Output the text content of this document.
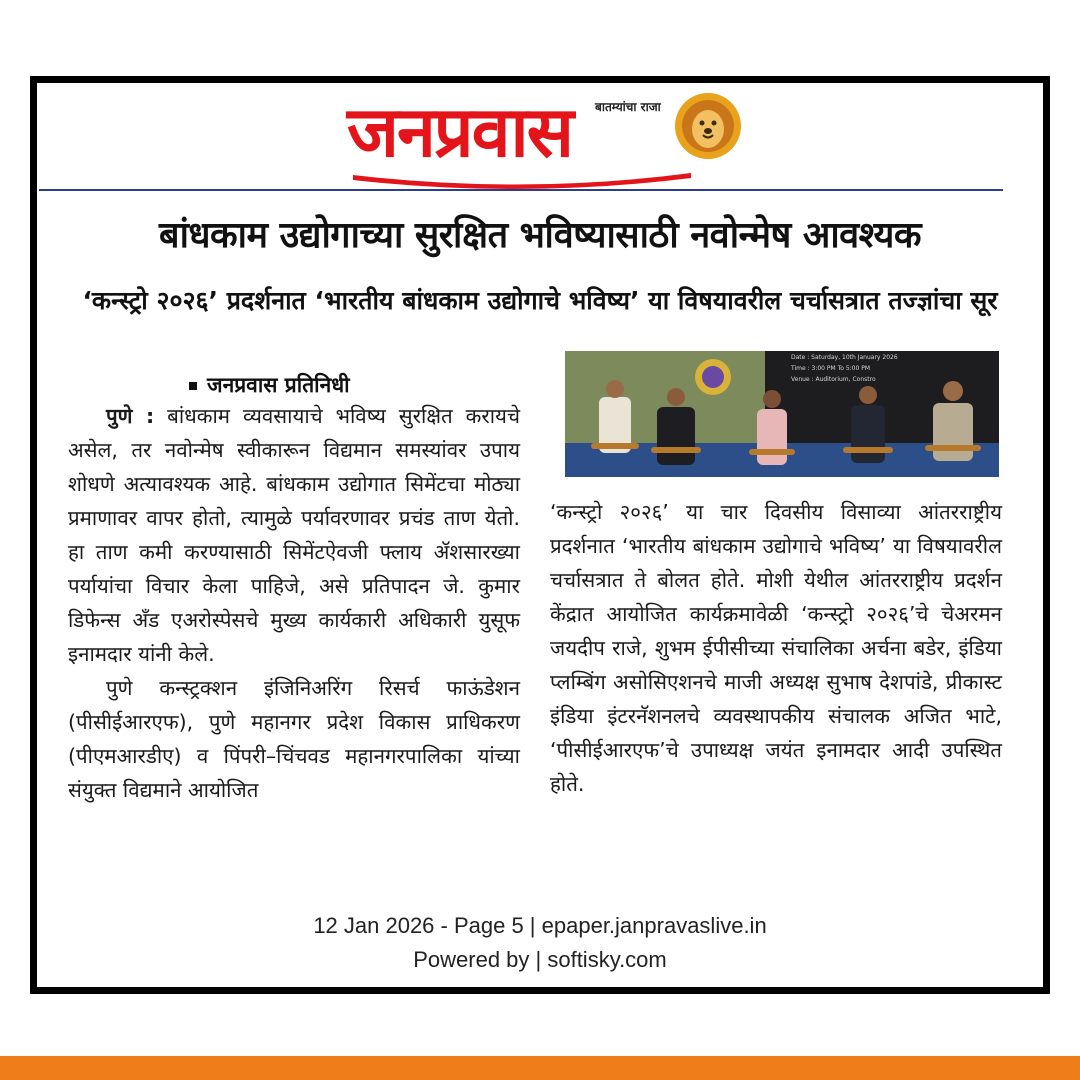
बातम्यांचा राजा
जनप्रवास
बांधकाम उद्योगाच्या सुरक्षित भविष्यासाठी नवोन्मेष आवश्यक
‘कन्स्ट्रो २०२६’ प्रदर्शनात ‘भारतीय बांधकाम उद्योगाचे भविष्य’ या विषयावरील चर्चासत्रात तज्ज्ञांचा सूर
जनप्रवास प्रतिनिधी

पुणे : बांधकाम व्यवसायाचे भविष्य सुरक्षित करायचे असेल, तर नवोन्मेष स्वीकारून विद्यमान समस्यांवर उपाय शोधणे अत्यावश्यक आहे. बांधकाम उद्योगात सिमेंटचा मोठ्या प्रमाणावर वापर होतो, त्यामुळे पर्यावरणावर प्रचंड ताण येतो. हा ताण कमी करण्यासाठी सिमेंटऐवजी फ्लाय ॲशसारख्या पर्यायांचा विचार केला पाहिजे, असे प्रतिपादन जे. कुमार डिफेन्स अँड एअरोस्पेसचे मुख्य कार्यकारी अधिकारी युसूफ इनामदार यांनी केले.

पुणे कन्स्ट्रक्शन इंजिनिअरिंग रिसर्च फाऊंडेशन (पीसीईआरएफ), पुणे महानगर प्रदेश विकास प्राधिकरण (पीएमआरडीए) व पिंपरी–चिंचवड महानगरपालिका यांच्या संयुक्त विद्यमाने आयोजित

Date : Saturday, 10th January 2026
Time : 3:00 PM To 5:00 PM
Venue : Auditorium, Constro

‘कन्स्ट्रो २०२६’ या चार दिवसीय विसाव्या आंतरराष्ट्रीय प्रदर्शनात ‘भारतीय बांधकाम उद्योगाचे भविष्य’ या विषयावरील चर्चासत्रात ते बोलत होते. मोशी येथील आंतरराष्ट्रीय प्रदर्शन केंद्रात आयोजित कार्यक्रमावेळी ‘कन्स्ट्रो २०२६’चे चेअरमन जयदीप राजे, शुभम ईपीसीच्या संचालिका अर्चना बडेर, इंडिया प्लम्बिंग असोसिएशनचे माजी अध्यक्ष सुभाष देशपांडे, प्रीकास्ट इंडिया इंटरनॅशनलचे व्यवस्थापकीय संचालक अजित भाटे, ‘पीसीईआरएफ’चे उपाध्यक्ष जयंत इनामदार आदी उपस्थित होते.

12 Jan 2026 - Page 5 | epaper.janpravaslive.in
Powered by | softisky.com
